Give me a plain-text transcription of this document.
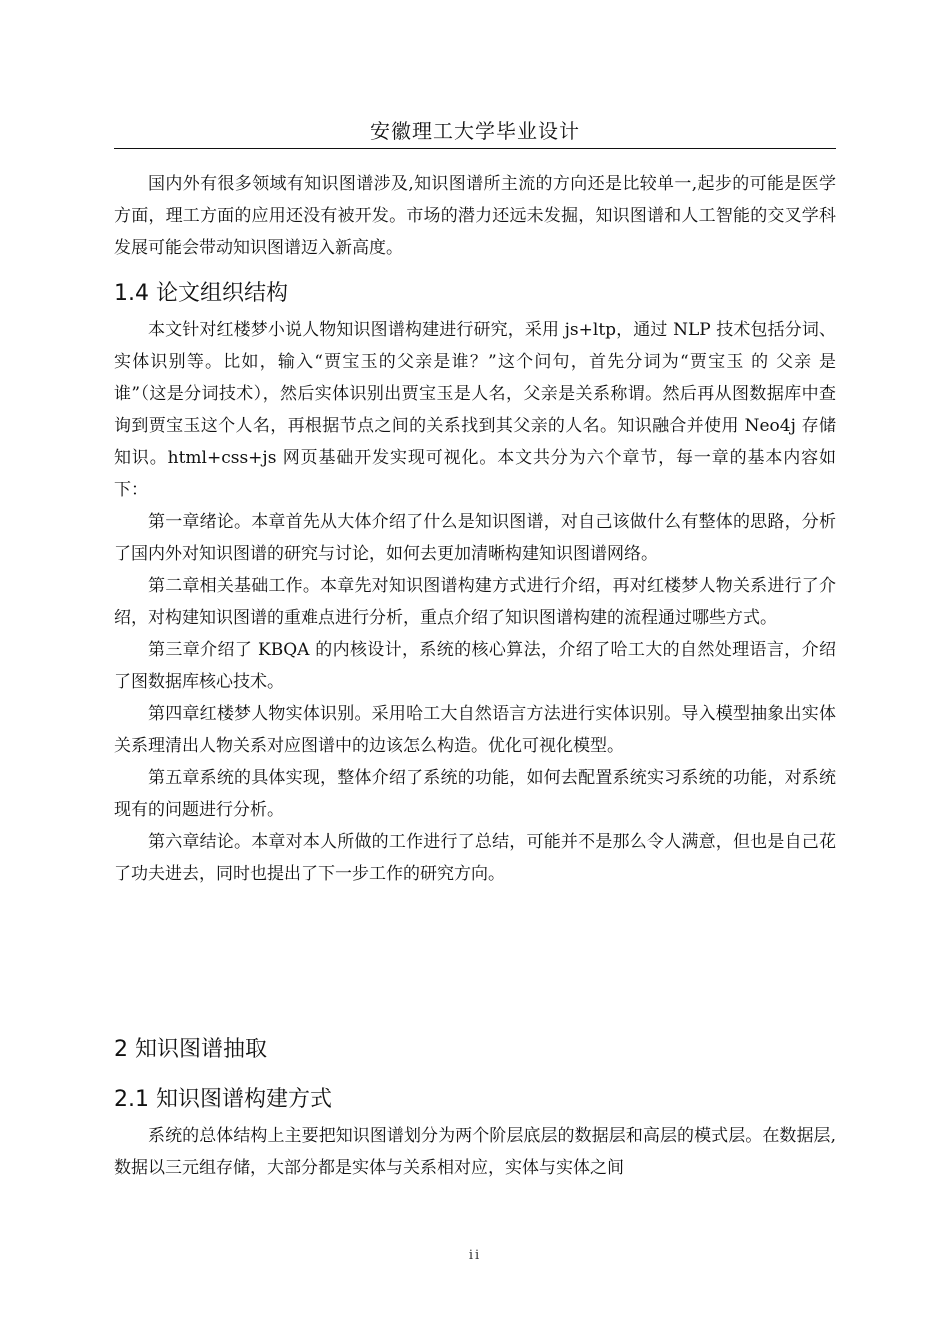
安徽理工大学毕业设计

国内外有很多领域有知识图谱涉及,知识图谱所主流的方向还是比较单一,起步的可能是医学方面，理工方面的应用还没有被开发。市场的潜力还远未发掘，知识图谱和人工智能的交叉学科发展可能会带动知识图谱迈入新高度。

1.4 论文组织结构

本文针对红楼梦小说人物知识图谱构建进行研究，采用 js+ltp，通过 NLP 技术包括分词、实体识别等。比如，输入“贾宝玉的父亲是谁？”这个问句，首先分词为“贾宝玉 的 父亲 是 谁”（这是分词技术），然后实体识别出贾宝玉是人名，父亲是关系称谓。然后再从图数据库中查询到贾宝玉这个人名，再根据节点之间的关系找到其父亲的人名。知识融合并使用 Neo4j 存储知识。html+css+js 网页基础开发实现可视化。本文共分为六个章节，每一章的基本内容如下：

第一章绪论。本章首先从大体介绍了什么是知识图谱，对自己该做什么有整体的思路，分析了国内外对知识图谱的研究与讨论，如何去更加清晰构建知识图谱网络。

第二章相关基础工作。本章先对知识图谱构建方式进行介绍，再对红楼梦人物关系进行了介绍，对构建知识图谱的重难点进行分析，重点介绍了知识图谱构建的流程通过哪些方式。

第三章介绍了 KBQA 的内核设计，系统的核心算法，介绍了哈工大的自然处理语言，介绍了图数据库核心技术。

第四章红楼梦人物实体识别。采用哈工大自然语言方法进行实体识别。导入模型抽象出实体关系理清出人物关系对应图谱中的边该怎么构造。优化可视化模型。

第五章系统的具体实现，整体介绍了系统的功能，如何去配置系统实习系统的功能，对系统现有的问题进行分析。

第六章结论。本章对本人所做的工作进行了总结，可能并不是那么令人满意，但也是自己花了功夫进去，同时也提出了下一步工作的研究方向。

2 知识图谱抽取
2.1 知识图谱构建方式

系统的总体结构上主要把知识图谱划分为两个阶层底层的数据层和高层的模式层。在数据层, 数据以三元组存储，大部分都是实体与关系相对应，实体与实体之间

ii
